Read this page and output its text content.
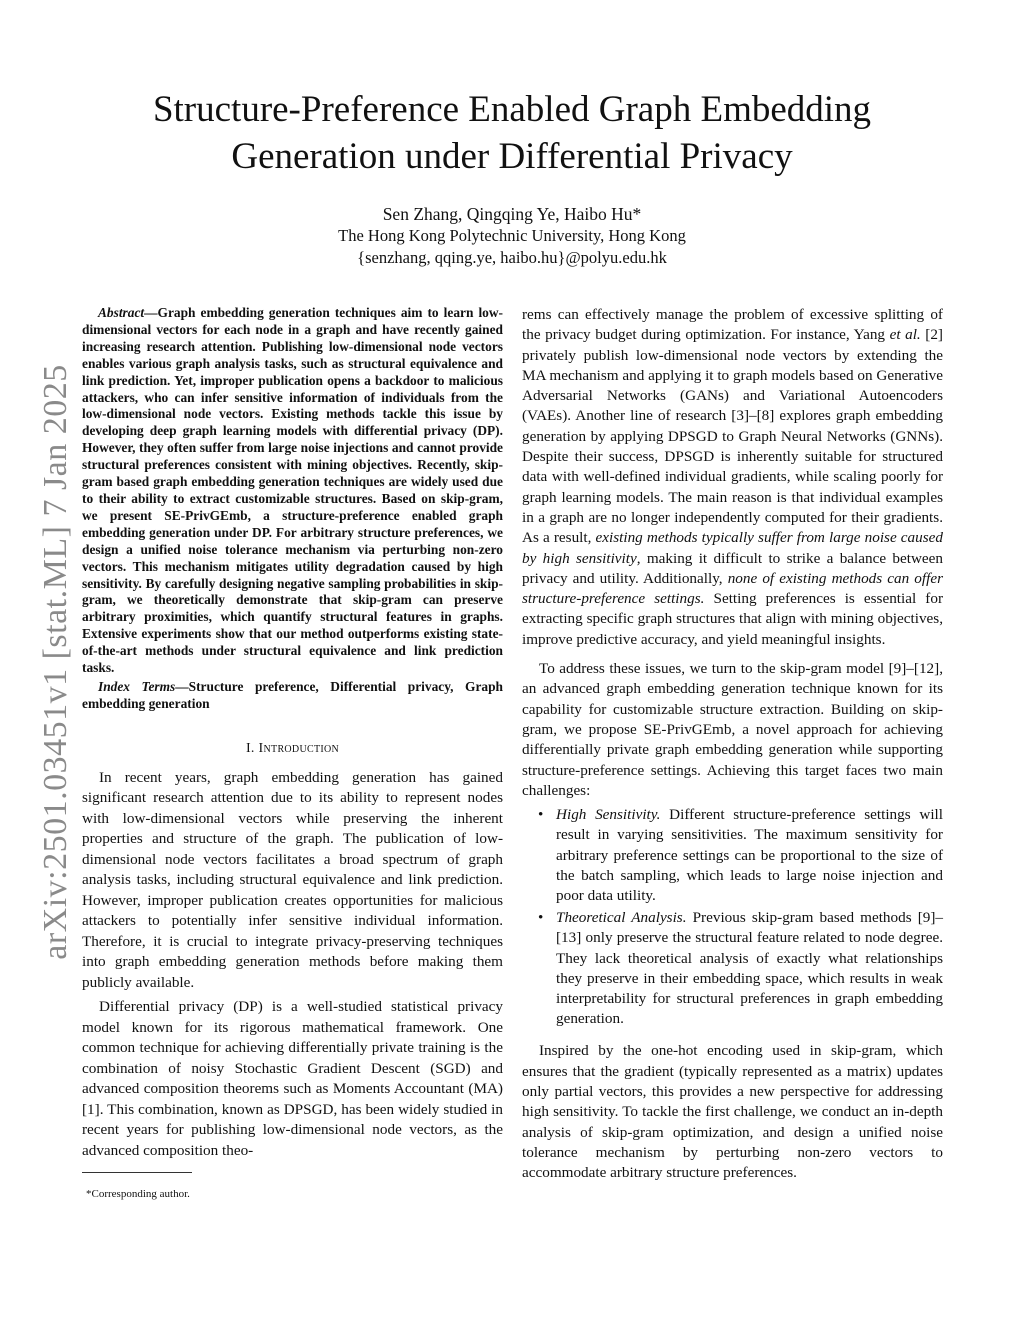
arXiv:2501.03451v1 [stat.ML] 7 Jan 2025
Structure-Preference Enabled Graph Embedding
Generation under Differential Privacy
Sen Zhang, Qingqing Ye, Haibo Hu*
The Hong Kong Polytechnic University, Hong Kong
{senzhang, qqing.ye, haibo.hu}@polyu.edu.hk

Abstract—Graph embedding generation techniques aim to learn low-dimensional vectors for each node in a graph and have recently gained increasing research attention. Publishing low-dimensional node vectors enables various graph analysis tasks, such as structural equivalence and link prediction. Yet, improper publication opens a backdoor to malicious attackers, who can infer sensitive information of individuals from the low-dimensional node vectors. Existing methods tackle this issue by developing deep graph learning models with differential privacy (DP). However, they often suffer from large noise injections and cannot provide structural preferences consistent with mining objectives. Recently, skip-gram based graph embedding generation techniques are widely used due to their ability to extract customizable structures. Based on skip-gram, we present SE-PrivGEmb, a structure-preference enabled graph embedding generation under DP. For arbitrary structure preferences, we design a unified noise tolerance mechanism via perturbing non-zero vectors. This mechanism mitigates utility degradation caused by high sensitivity. By carefully designing negative sampling probabilities in skip-gram, we theoretically demonstrate that skip-gram can preserve arbitrary proximities, which quantify structural features in graphs. Extensive experiments show that our method outperforms existing state-of-the-art methods under structural equivalence and link prediction tasks.

Index Terms—Structure preference, Differential privacy, Graph embedding generation

I. Introduction

In recent years, graph embedding generation has gained significant research attention due to its ability to represent nodes with low-dimensional vectors while preserving the inherent properties and structure of the graph. The publication of low-dimensional node vectors facilitates a broad spectrum of graph analysis tasks, including structural equivalence and link prediction. However, improper publication creates opportunities for malicious attackers to potentially infer sensitive individual information. Therefore, it is crucial to integrate privacy-preserving techniques into graph embedding generation methods before making them publicly available.

Differential privacy (DP) is a well-studied statistical privacy model known for its rigorous mathematical framework. One common technique for achieving differentially private training is the combination of noisy Stochastic Gradient Descent (SGD) and advanced composition theorems such as Moments Accountant (MA) [1]. This combination, known as DPSGD, has been widely studied in recent years for publishing low-dimensional node vectors, as the advanced composition theo-

rems can effectively manage the problem of excessive splitting of the privacy budget during optimization. For instance, Yang et al. [2] privately publish low-dimensional node vectors by extending the MA mechanism and applying it to graph models based on Generative Adversarial Networks (GANs) and Variational Autoencoders (VAEs). Another line of research [3]–[8] explores graph embedding generation by applying DPSGD to Graph Neural Networks (GNNs). Despite their success, DPSGD is inherently suitable for structured data with well-defined individual gradients, while scaling poorly for graph learning models. The main reason is that individual examples in a graph are no longer independently computed for their gradients. As a result, existing methods typically suffer from large noise caused by high sensitivity, making it difficult to strike a balance between privacy and utility. Additionally, none of existing methods can offer structure-preference settings. Setting preferences is essential for extracting specific graph structures that align with mining objectives, improve predictive accuracy, and yield meaningful insights.

To address these issues, we turn to the skip-gram model [9]–[12], an advanced graph embedding generation technique known for its capability for customizable structure extraction. Building on skip-gram, we propose SE-PrivGEmb, a novel approach for achieving differentially private graph embedding generation while supporting structure-preference settings. Achieving this target faces two main challenges:

• High Sensitivity. Different structure-preference settings will result in varying sensitivities. The maximum sensitivity for arbitrary preference settings can be proportional to the size of the batch sampling, which leads to large noise injection and poor data utility.
• Theoretical Analysis. Previous skip-gram based methods [9]–[13] only preserve the structural feature related to node degree. They lack theoretical analysis of exactly what relationships they preserve in their embedding space, which results in weak interpretability for structural preferences in graph embedding generation.

Inspired by the one-hot encoding used in skip-gram, which ensures that the gradient (typically represented as a matrix) updates only partial vectors, this provides a new perspective for addressing high sensitivity. To tackle the first challenge, we conduct an in-depth analysis of skip-gram optimization, and design a unified noise tolerance mechanism by perturbing non-zero vectors to accommodate arbitrary structure preferences.

*Corresponding author.
